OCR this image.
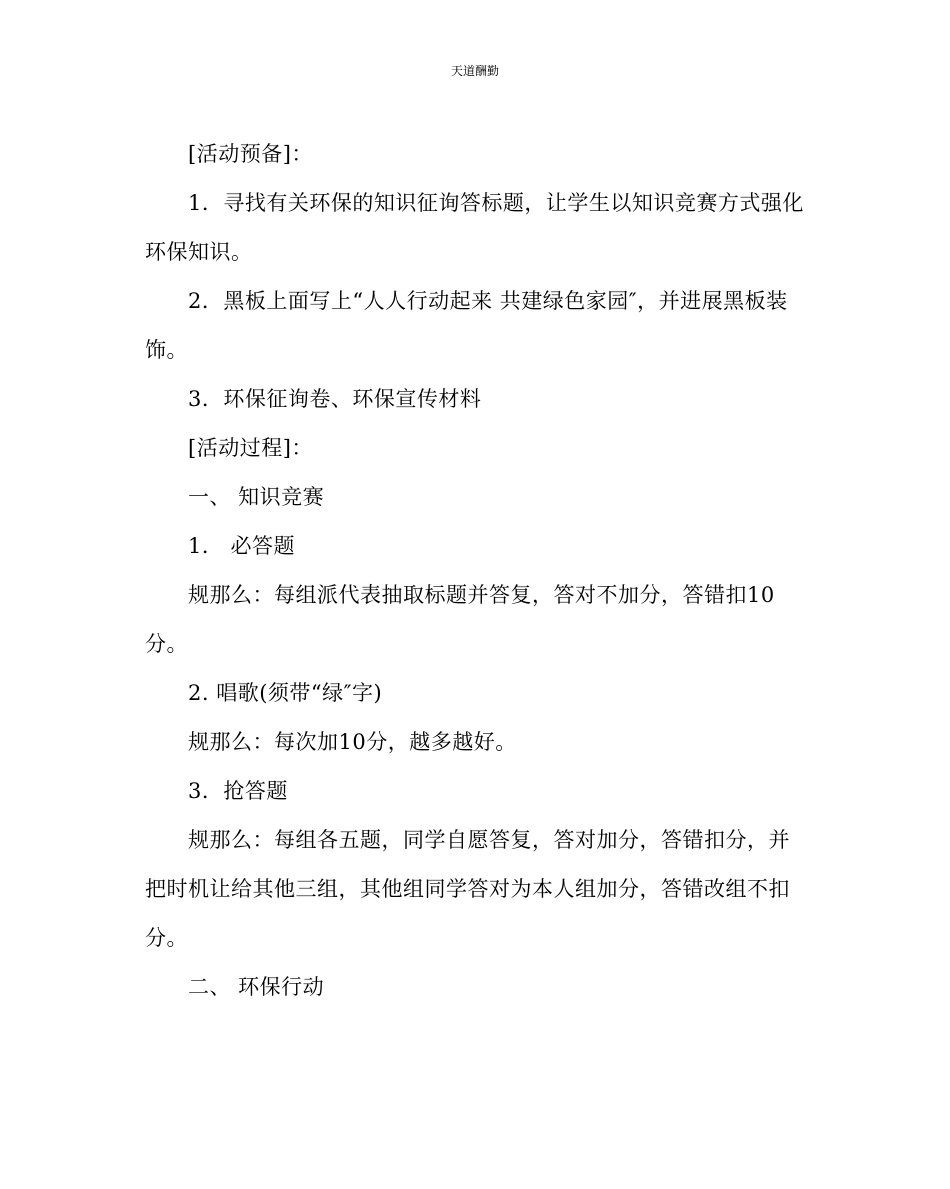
天道酬勤

[活动预备]：

1．寻找有关环保的知识征询答标题，让学生以知识竞赛方式强化环保知识。

2．黑板上面写上“人人行动起来 共建绿色家园″，并进展黑板装饰。

3．环保征询卷、环保宣传材料

[活动过程]：

一、 知识竞赛

1． 必答题

规那么：每组派代表抽取标题并答复，答对不加分，答错扣10分。

2. 唱歌(须带“绿″字)

规那么：每次加10分，越多越好。

3．抢答题

规那么：每组各五题，同学自愿答复，答对加分，答错扣分，并把时机让给其他三组，其他组同学答对为本人组加分，答错改组不扣分。

二、 环保行动
